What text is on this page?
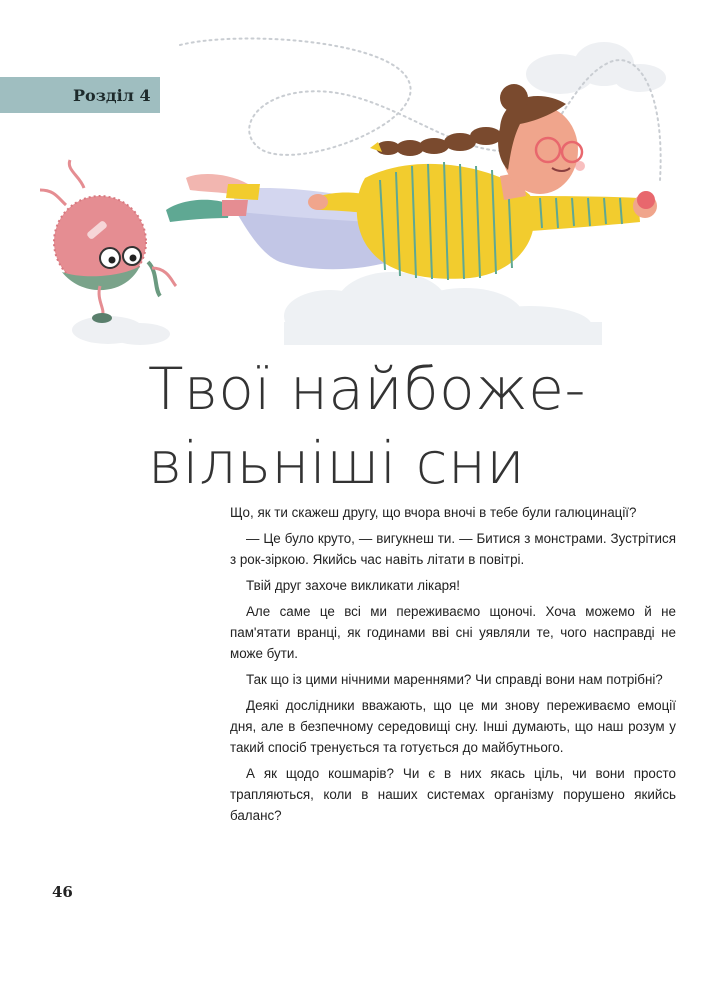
Розділ 4
Твої найбоже-
вільніші сни

Що, як ти скажеш другу, що вчора вночі в тебе були галюцинації?

— Це було круто, — вигукнеш ти. — Битися з монстрами. Зустрітися з рок-зіркою. Якийсь час навіть літати в повітрі.

Твій друг захоче викликати лікаря!

Але саме це всі ми переживаємо щоночі. Хоча можемо й не пам'ятати вранці, як годинами вві сні уявляли те, чого насправді не може бути.

Так що із цими нічними мареннями? Чи справді вони нам потрібні?

Деякі дослідники вважають, що це ми знову переживаємо емоції дня, але в безпечному середовищі сну. Інші думають, що наш розум у такий спосіб тренується та готується до майбутнього.

А як щодо кошмарів? Чи є в них якась ціль, чи вони просто трапляються, коли в наших системах організму порушено якийсь баланс?

46
